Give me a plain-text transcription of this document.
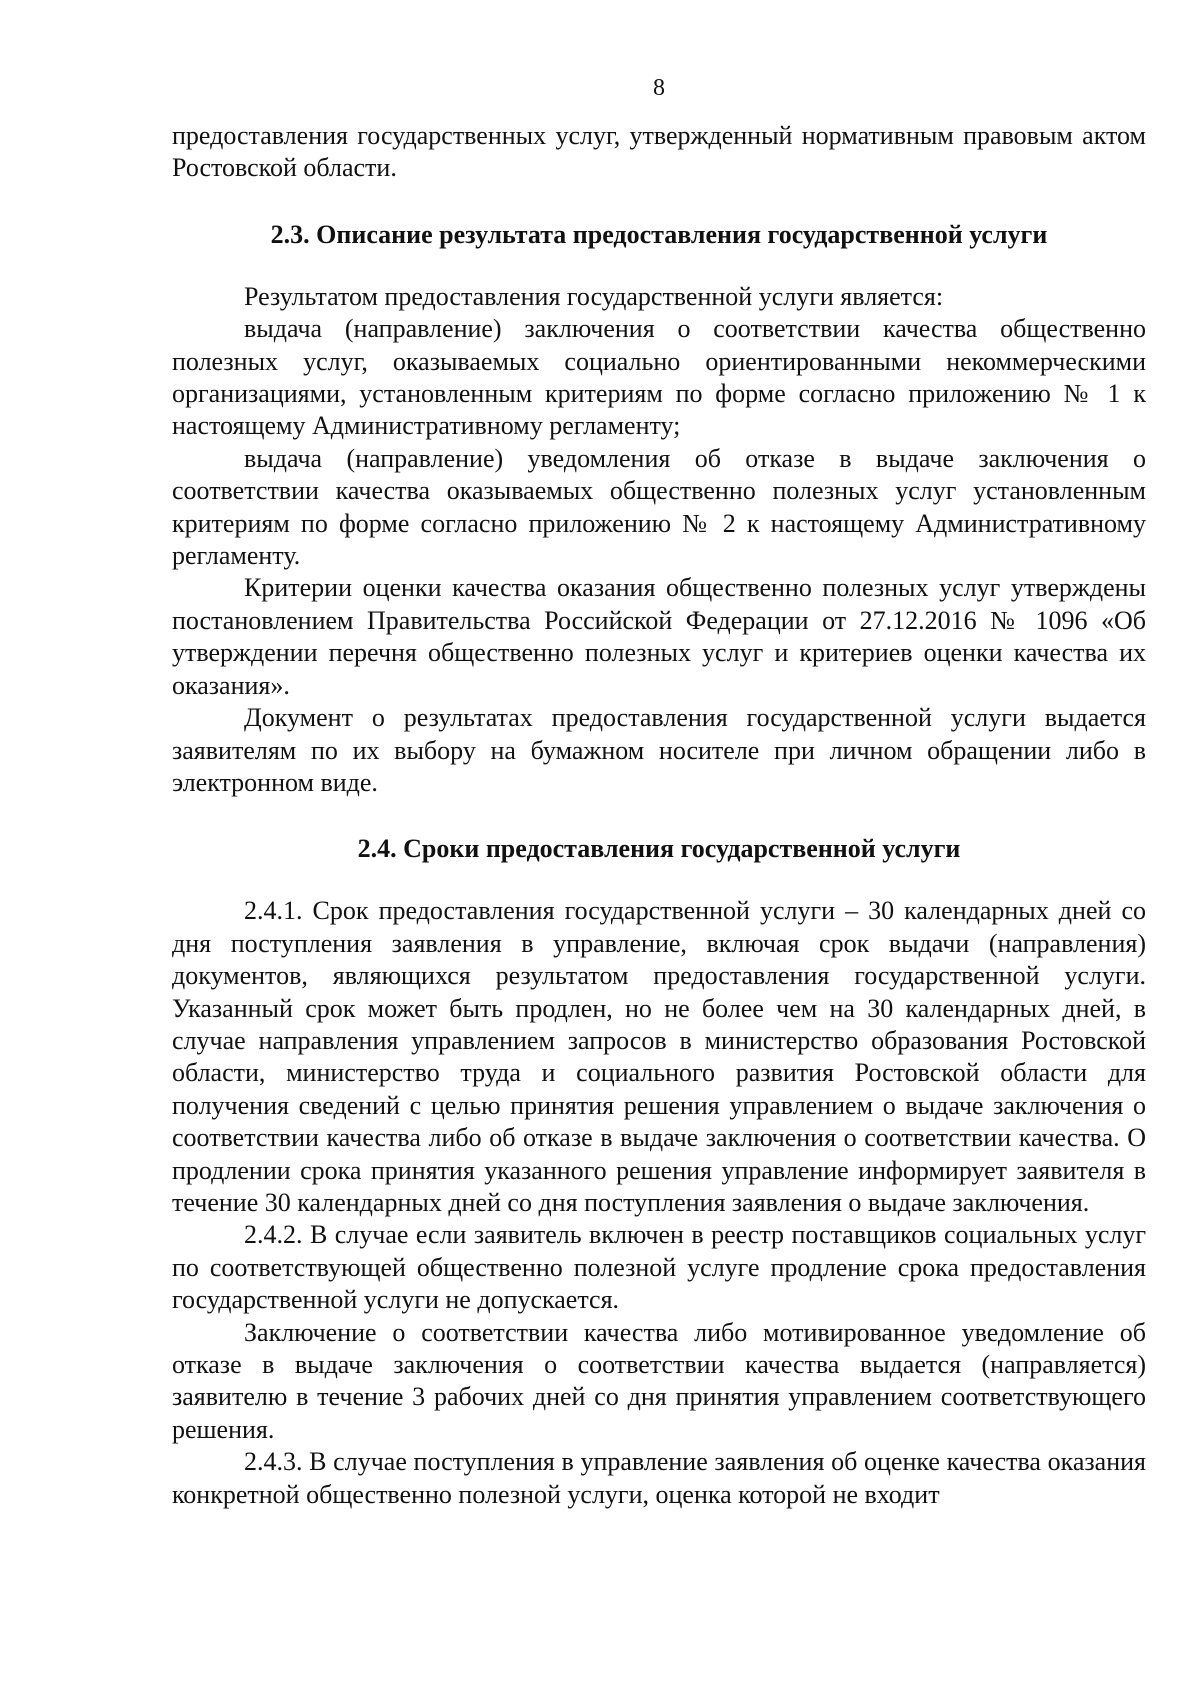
8

предоставления государственных услуг, утвержденный нормативным правовым актом Ростовской области.

2.3. Описание результата предоставления государственной услуги

Результатом предоставления государственной услуги является:

выдача (направление) заключения о соответствии качества общественно полезных услуг, оказываемых социально ориентированными некоммерческими организациями, установленным критериям по форме согласно приложению № 1 к настоящему Административному регламенту;

выдача (направление) уведомления об отказе в выдаче заключения о соответствии качества оказываемых общественно полезных услуг установленным критериям по форме согласно приложению № 2 к настоящему Административному регламенту.

Критерии оценки качества оказания общественно полезных услуг утверждены постановлением Правительства Российской Федерации от 27.12.2016 № 1096 «Об утверждении перечня общественно полезных услуг и критериев оценки качества их оказания».

Документ о результатах предоставления государственной услуги выдается заявителям по их выбору на бумажном носителе при личном обращении либо в электронном виде.

2.4. Сроки предоставления государственной услуги

2.4.1. Срок предоставления государственной услуги – 30 календарных дней со дня поступления заявления в управление, включая срок выдачи (направления) документов, являющихся результатом предоставления государственной услуги. Указанный срок может быть продлен, но не более чем на 30 календарных дней, в случае направления управлением запросов в министерство образования Ростовской области, министерство труда и социального развития Ростовской области для получения сведений с целью принятия решения управлением о выдаче заключения о соответствии качества либо об отказе в выдаче заключения о соответствии качества. О продлении срока принятия указанного решения управление информирует заявителя в течение 30 календарных дней со дня поступления заявления о выдаче заключения.

2.4.2. В случае если заявитель включен в реестр поставщиков социальных услуг по соответствующей общественно полезной услуге продление срока предоставления государственной услуги не допускается.

Заключение о соответствии качества либо мотивированное уведомление об отказе в выдаче заключения о соответствии качества выдается (направляется) заявителю в течение 3 рабочих дней со дня принятия управлением соответствующего решения.

2.4.3. В случае поступления в управление заявления об оценке качества оказания конкретной общественно полезной услуги, оценка которой не входит
